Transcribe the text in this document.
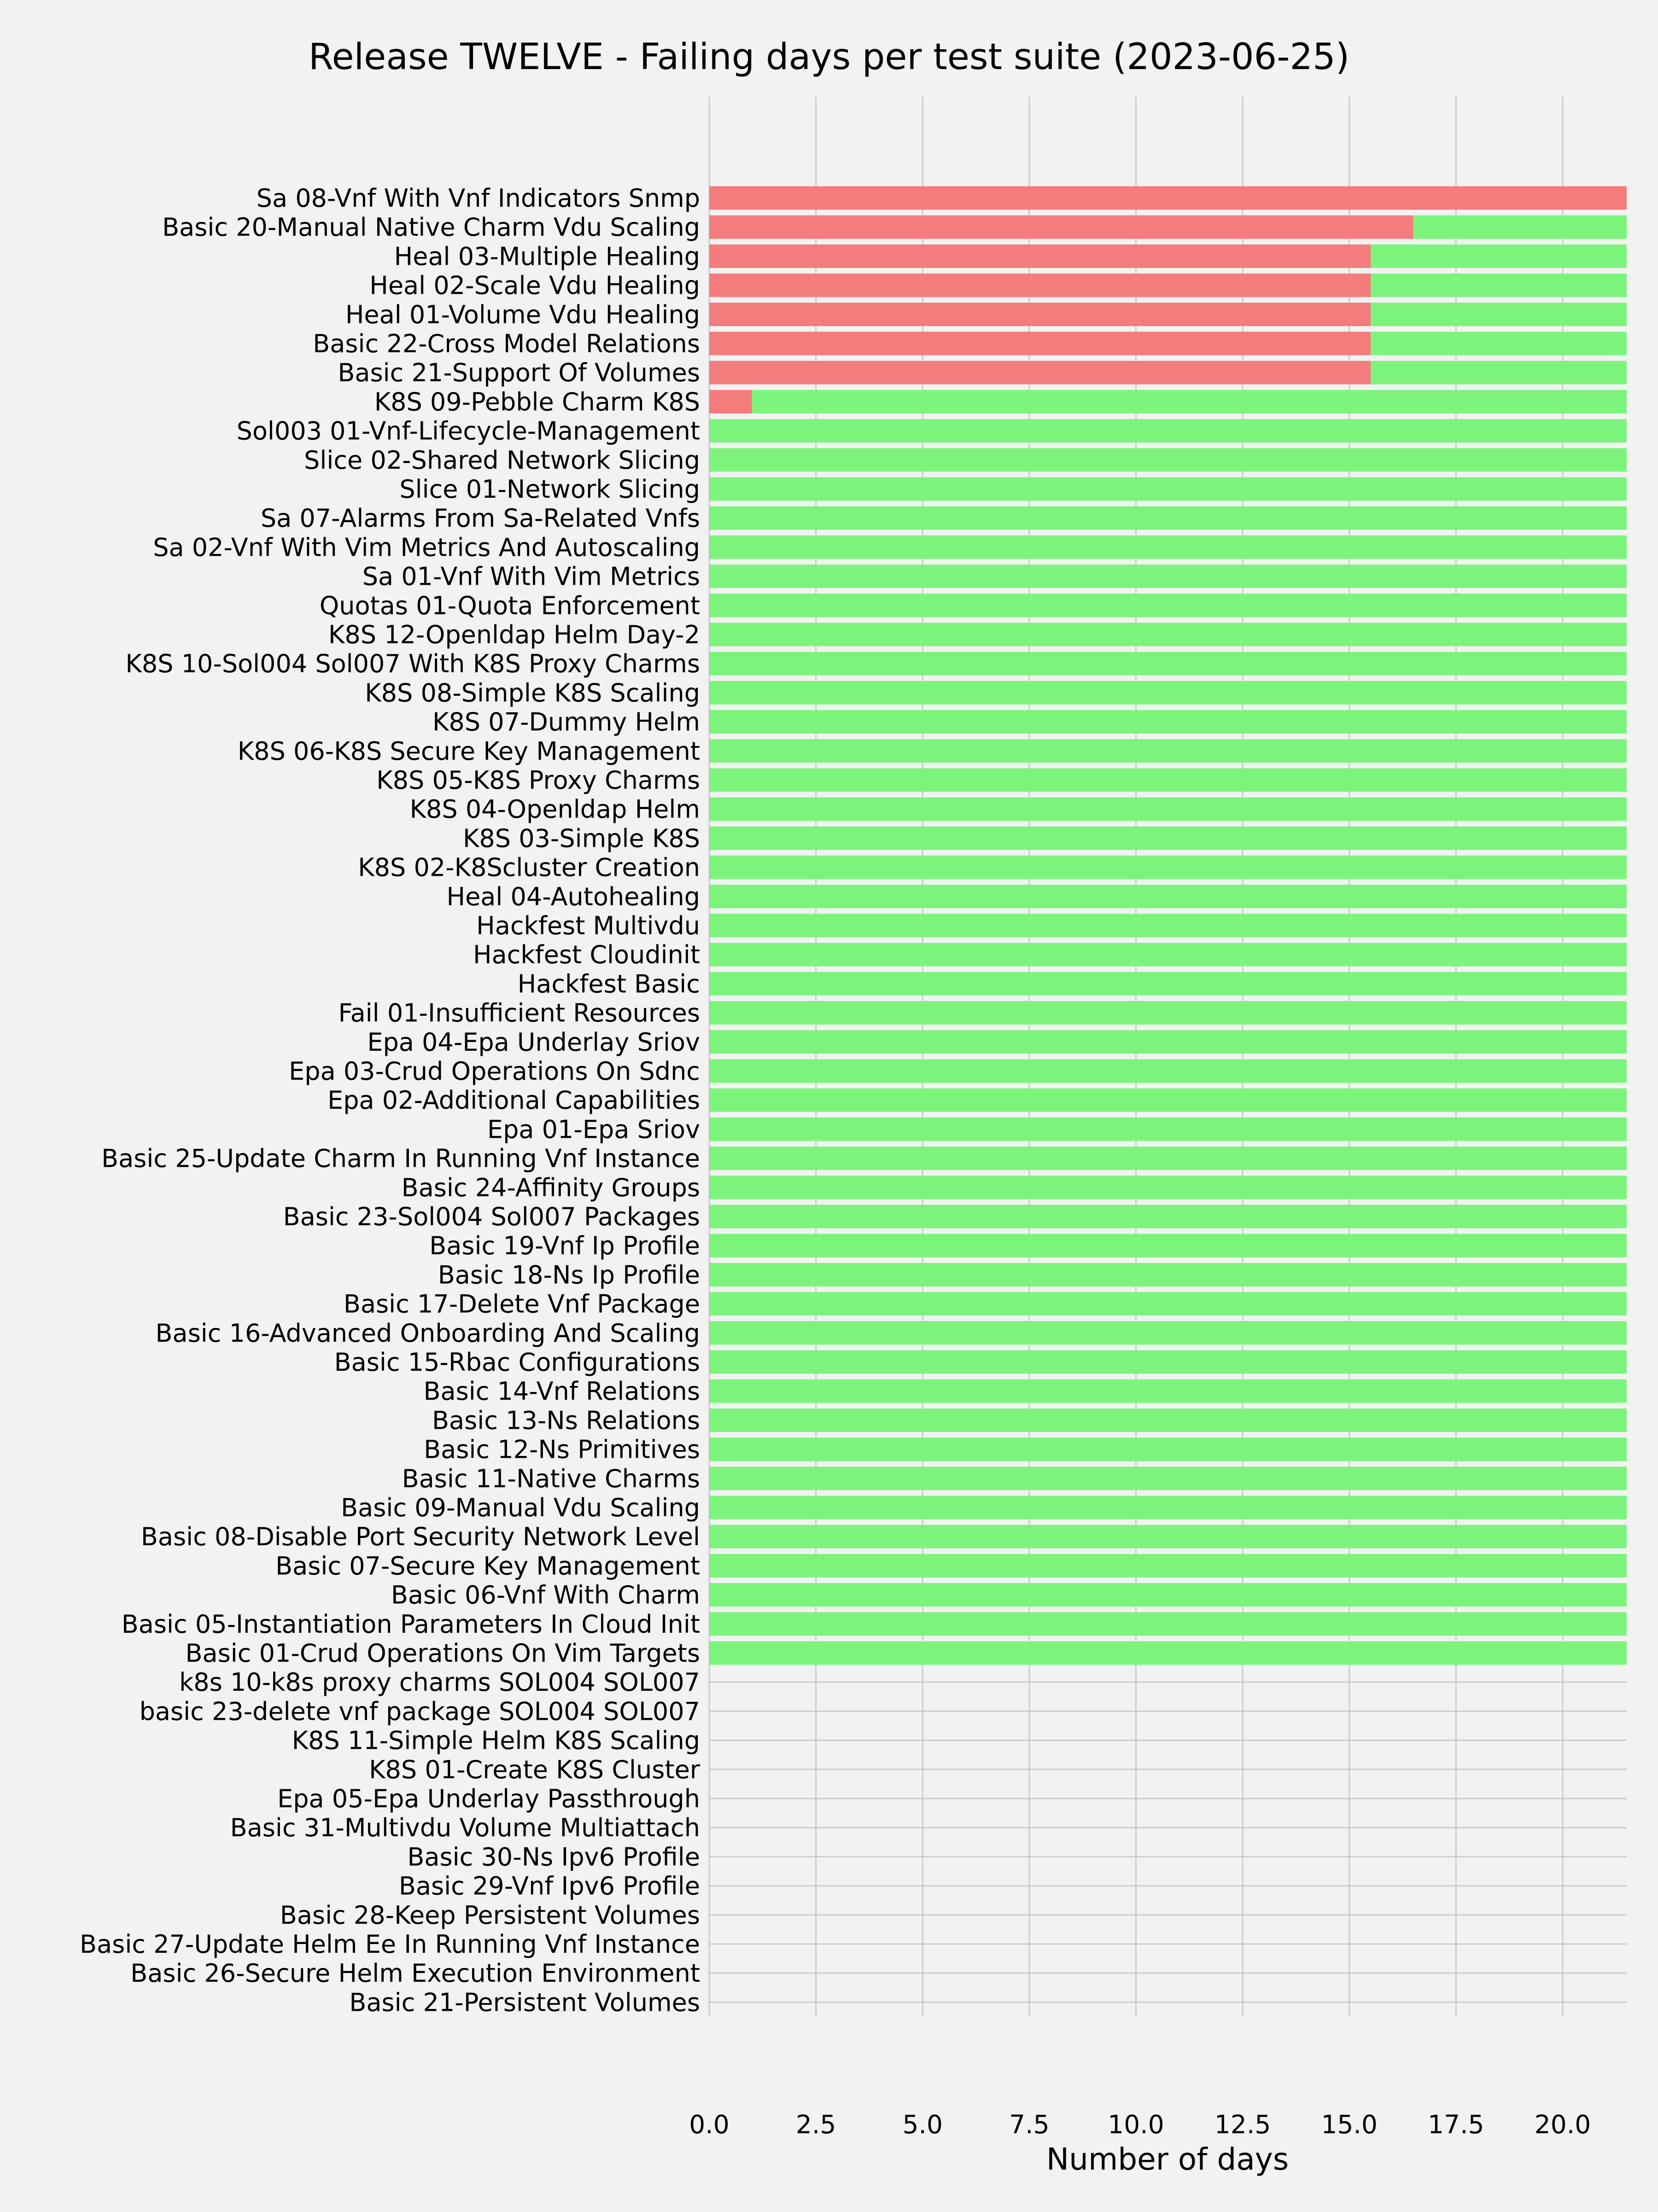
Release TWELVE - Failing days per test suite (2023-06-25)
Sa 08-Vnf With Vnf Indicators Snmp
Basic 20-Manual Native Charm Vdu Scaling
Heal 03-Multiple Healing
Heal 02-Scale Vdu Healing
Heal 01-Volume Vdu Healing
Basic 22-Cross Model Relations
Basic 21-Support Of Volumes
K8S 09-Pebble Charm K8S
Sol003 01-Vnf-Lifecycle-Management
Slice 02-Shared Network Slicing
Slice 01-Network Slicing
Sa 07-Alarms From Sa-Related Vnfs
Sa 02-Vnf With Vim Metrics And Autoscaling
Sa 01-Vnf With Vim Metrics
Quotas 01-Quota Enforcement
K8S 12-Openldap Helm Day-2
K8S 10-Sol004 Sol007 With K8S Proxy Charms
K8S 08-Simple K8S Scaling
K8S 07-Dummy Helm
K8S 06-K8S Secure Key Management
K8S 05-K8S Proxy Charms
K8S 04-Openldap Helm
K8S 03-Simple K8S
K8S 02-K8Scluster Creation
Heal 04-Autohealing
Hackfest Multivdu
Hackfest Cloudinit
Hackfest Basic
Fail 01-Insufficient Resources
Epa 04-Epa Underlay Sriov
Epa 03-Crud Operations On Sdnc
Epa 02-Additional Capabilities
Epa 01-Epa Sriov
Basic 25-Update Charm In Running Vnf Instance
Basic 24-Affinity Groups
Basic 23-Sol004 Sol007 Packages
Basic 19-Vnf Ip Profile
Basic 18-Ns Ip Profile
Basic 17-Delete Vnf Package
Basic 16-Advanced Onboarding And Scaling
Basic 15-Rbac Configurations
Basic 14-Vnf Relations
Basic 13-Ns Relations
Basic 12-Ns Primitives
Basic 11-Native Charms
Basic 09-Manual Vdu Scaling
Basic 08-Disable Port Security Network Level
Basic 07-Secure Key Management
Basic 06-Vnf With Charm
Basic 05-Instantiation Parameters In Cloud Init
Basic 01-Crud Operations On Vim Targets
k8s 10-k8s proxy charms SOL004 SOL007
basic 23-delete vnf package SOL004 SOL007
K8S 11-Simple Helm K8S Scaling
K8S 01-Create K8S Cluster
Epa 05-Epa Underlay Passthrough
Basic 31-Multivdu Volume Multiattach
Basic 30-Ns Ipv6 Profile
Basic 29-Vnf Ipv6 Profile
Basic 28-Keep Persistent Volumes
Basic 27-Update Helm Ee In Running Vnf Instance
Basic 26-Secure Helm Execution Environment
Basic 21-Persistent Volumes
0.0	2.5	5.0	7.5 10.0 12.5 15.0 17.5 20.0
Number of days
